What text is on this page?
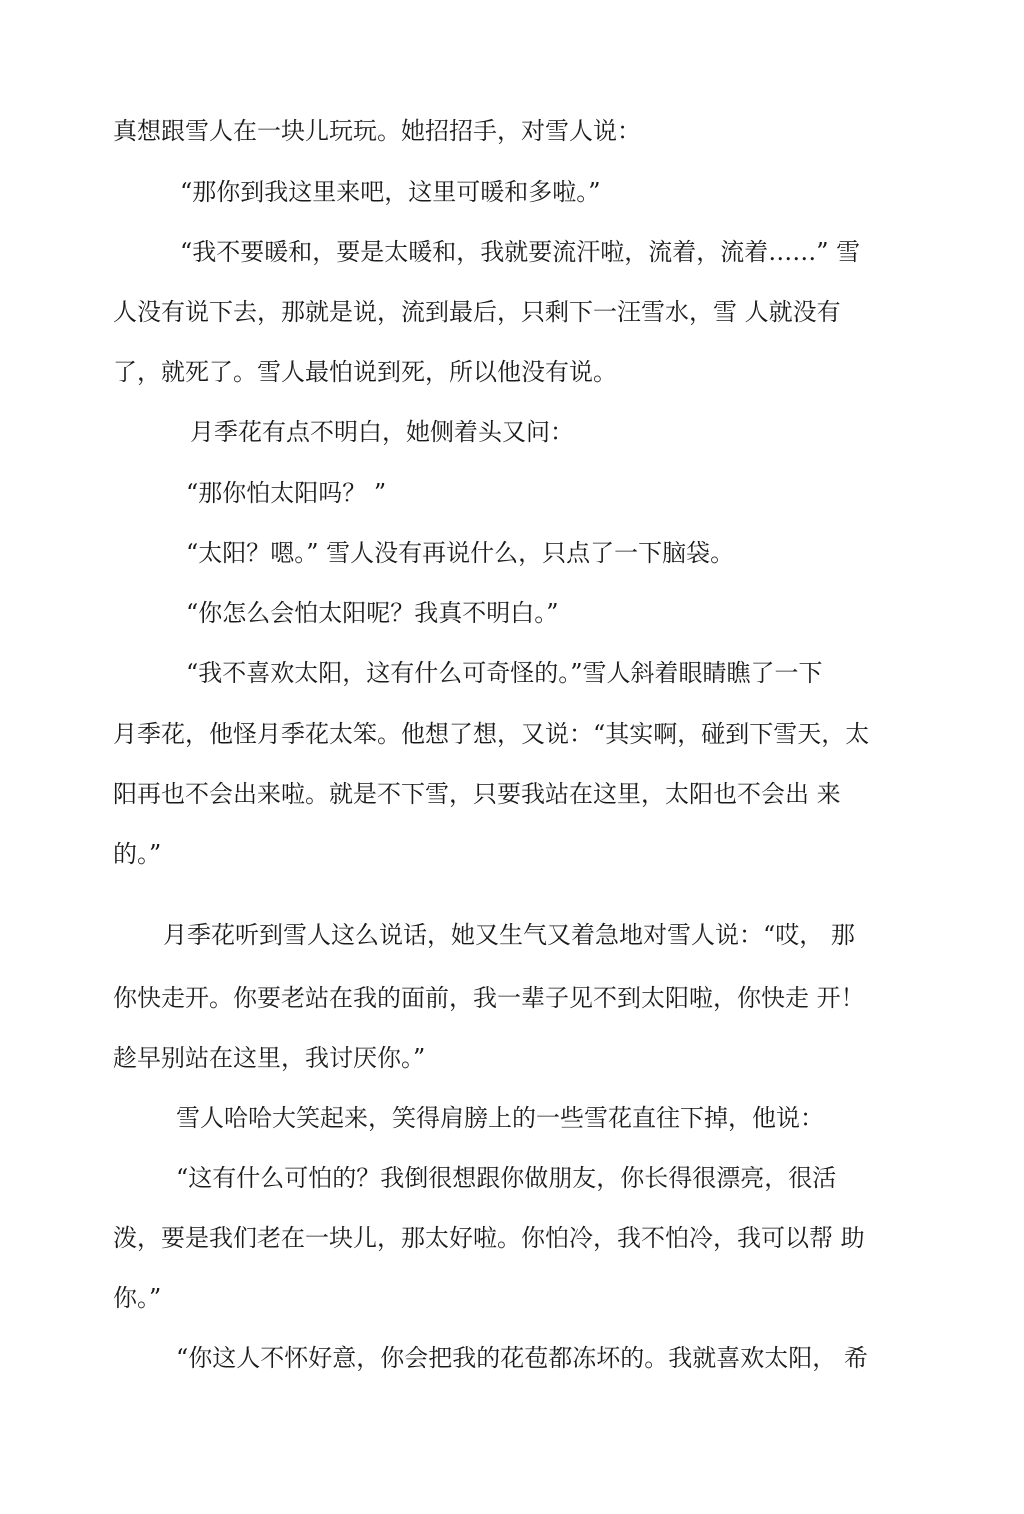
真想跟雪人在一块儿玩玩。她招招手，对雪人说：
“那你到我这里来吧，这里可暖和多啦。”
“我不要暖和，要是太暖和，我就要流汗啦，流着，流着……” 雪
人没有说下去，那就是说，流到最后，只剩下一汪雪水，雪 人就没有
了，就死了。雪人最怕说到死，所以他没有说。
月季花有点不明白，她侧着头又问：
“那你怕太阳吗？ ”
“太阳？嗯。” 雪人没有再说什么，只点了一下脑袋。
“你怎么会怕太阳呢？我真不明白。”
“我不喜欢太阳，这有什么可奇怪的。”雪人斜着眼睛瞧了一下
月季花，他怪月季花太笨。他想了想，又说：“其实啊，碰到下雪天，太
阳再也不会出来啦。就是不下雪，只要我站在这里，太阳也不会出 来
的。”
月季花听到雪人这么说话，她又生气又着急地对雪人说：“哎， 那
你快走开。你要老站在我的面前，我一辈子见不到太阳啦，你快走 开！
趁早别站在这里，我讨厌你。”
雪人哈哈大笑起来，笑得肩膀上的一些雪花直往下掉，他说：
“这有什么可怕的？我倒很想跟你做朋友，你长得很漂亮，很活
泼，要是我们老在一块儿，那太好啦。你怕冷，我不怕冷，我可以帮 助
你。”
“你这人不怀好意，你会把我的花苞都冻坏的。我就喜欢太阳， 希
